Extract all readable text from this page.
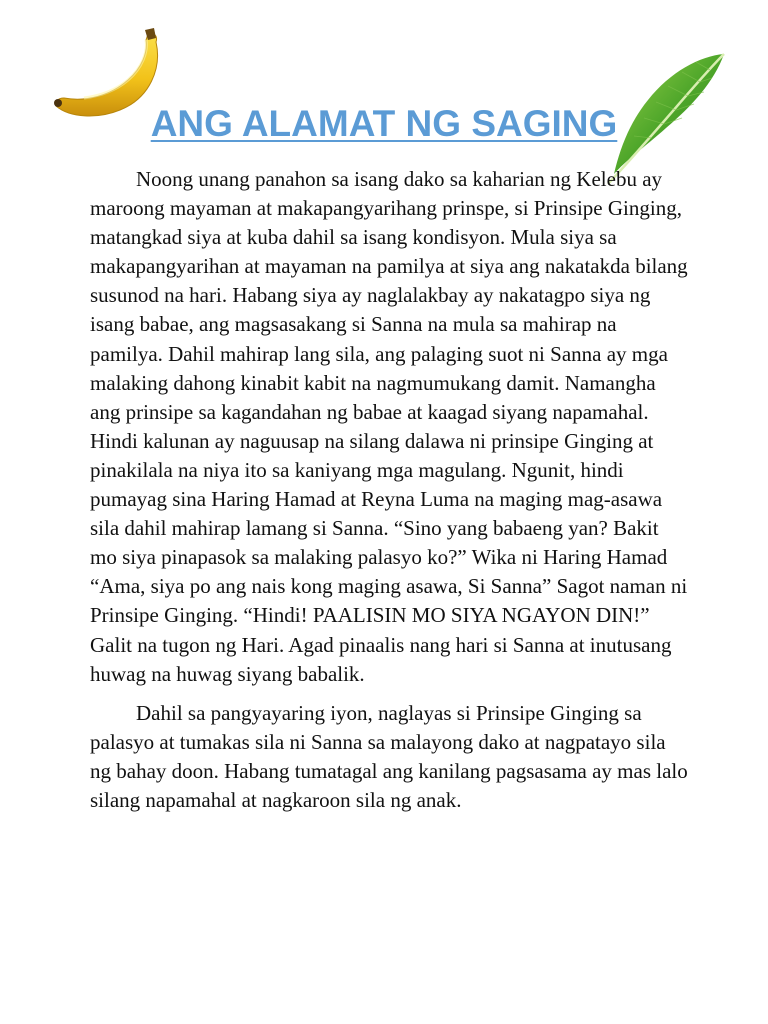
ANG ALAMAT NG SAGING

Noong unang panahon sa isang dako sa kaharian ng Kelebu ay maroong mayaman at makapangyarihang prinspe, si Prinsipe Ginging, matangkad siya at kuba dahil sa isang kondisyon. Mula siya sa makapangyarihan at mayaman na pamilya at siya ang nakatakda bilang susunod na hari. Habang siya ay naglalakbay ay nakatagpo siya ng isang babae, ang magsasakang si Sanna na mula sa mahirap na pamilya. Dahil mahirap lang sila, ang palaging suot ni Sanna ay mga malaking dahong kinabit kabit na nagmumukang damit. Namangha ang prinsipe sa kagandahan ng babae at kaagad siyang napamahal. Hindi kalunan ay naguusap na silang dalawa ni prinsipe Ginging at pinakilala na niya ito sa kaniyang mga magulang. Ngunit, hindi pumayag sina Haring Hamad at Reyna Luma na maging mag-asawa sila dahil mahirap lamang si Sanna. “Sino yang babaeng yan? Bakit mo siya pinapasok sa malaking palasyo ko?” Wika ni Haring Hamad “Ama, siya po ang nais kong maging asawa, Si Sanna” Sagot naman ni Prinsipe Ginging. “Hindi! PAALISIN MO SIYA NGAYON DIN!” Galit na tugon ng Hari. Agad pinaalis nang hari si Sanna at inutusang huwag na huwag siyang babalik.

Dahil sa pangyayaring iyon, naglayas si Prinsipe Ginging sa palasyo at tumakas sila ni Sanna sa malayong dako at nagpatayo sila ng bahay doon. Habang tumatagal ang kanilang pagsasama ay mas lalo silang napamahal at nagkaroon sila ng anak.
